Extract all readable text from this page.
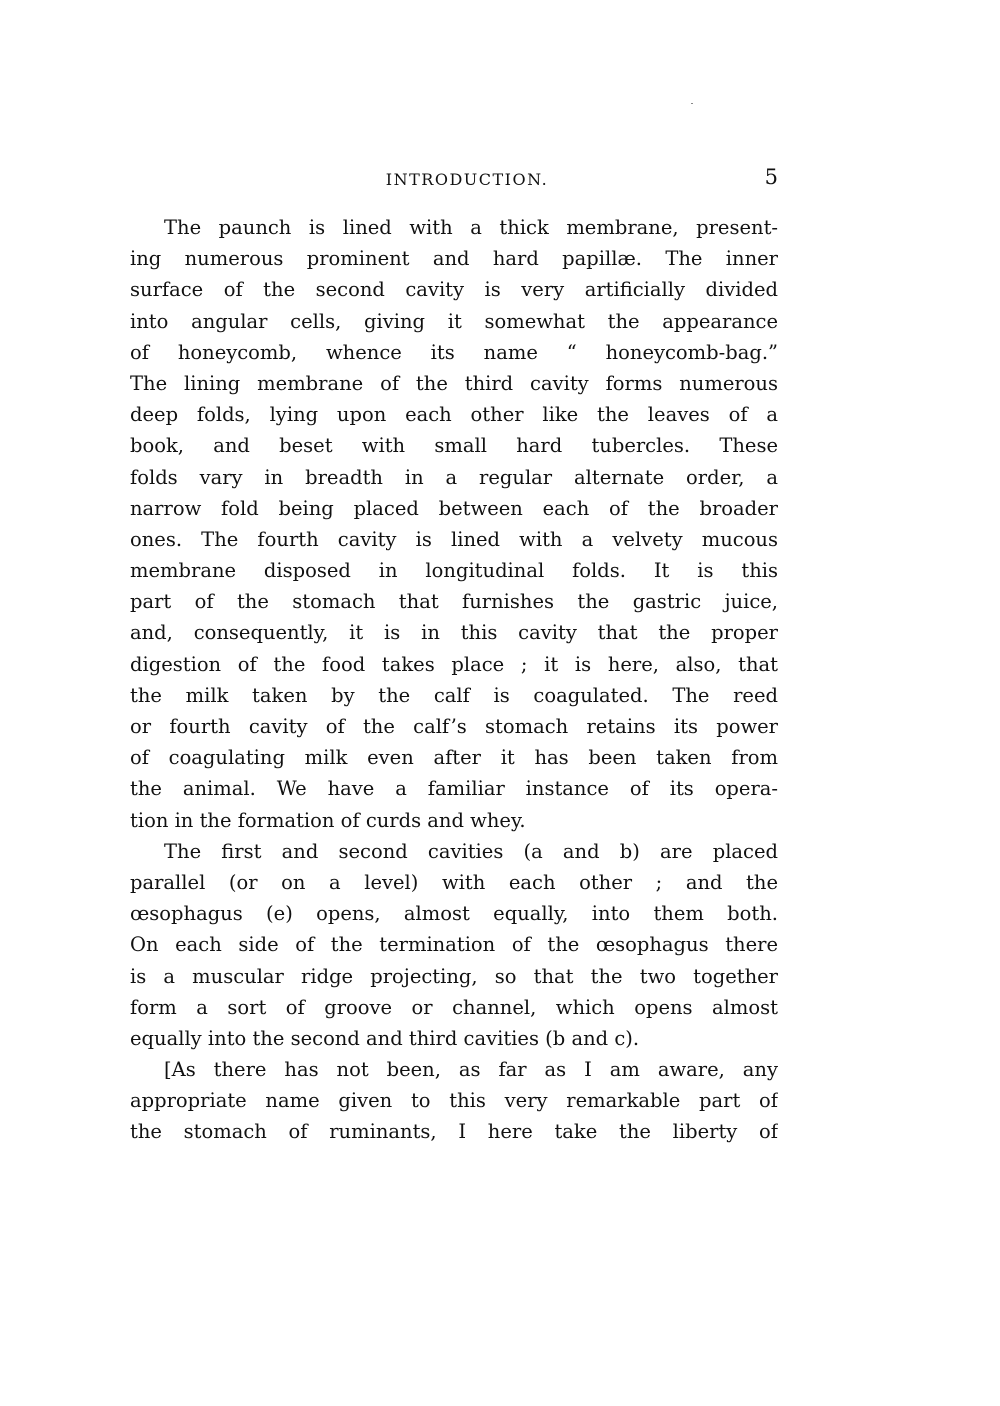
INTRODUCTION.	5
The paunch is lined with a thick membrane, present-
ing numerous prominent and hard papillæ. The inner
surface of the second cavity is very artificially divided
into angular cells, giving it somewhat the appearance
of honeycomb, whence its name “ honeycomb-bag.”
The lining membrane of the third cavity forms numerous
deep folds, lying upon each other like the leaves of a
book, and beset with small hard tubercles. These
folds vary in breadth in a regular alternate order, a
narrow fold being placed between each of the broader
ones. The fourth cavity is lined with a velvety mucous
membrane disposed in longitudinal folds. It is this
part of the stomach that furnishes the gastric juice,
and, consequently, it is in this cavity that the proper
digestion of the food takes place ; it is here, also, that
the milk taken by the calf is coagulated. The reed
or fourth cavity of the calf’s stomach retains its power
of coagulating milk even after it has been taken from
the animal. We have a familiar instance of its opera-
tion in the formation of curds and whey.
The first and second cavities (a and b) are placed
parallel (or on a level) with each other ; and the
œsophagus (e) opens, almost equally, into them both.
On each side of the termination of the œsophagus there
is a muscular ridge projecting, so that the two together
form a sort of groove or channel, which opens almost
equally into the second and third cavities (b and c).
[As there has not been, as far as I am aware, any
appropriate name given to this very remarkable part of
the stomach of ruminants, I here take the liberty of
